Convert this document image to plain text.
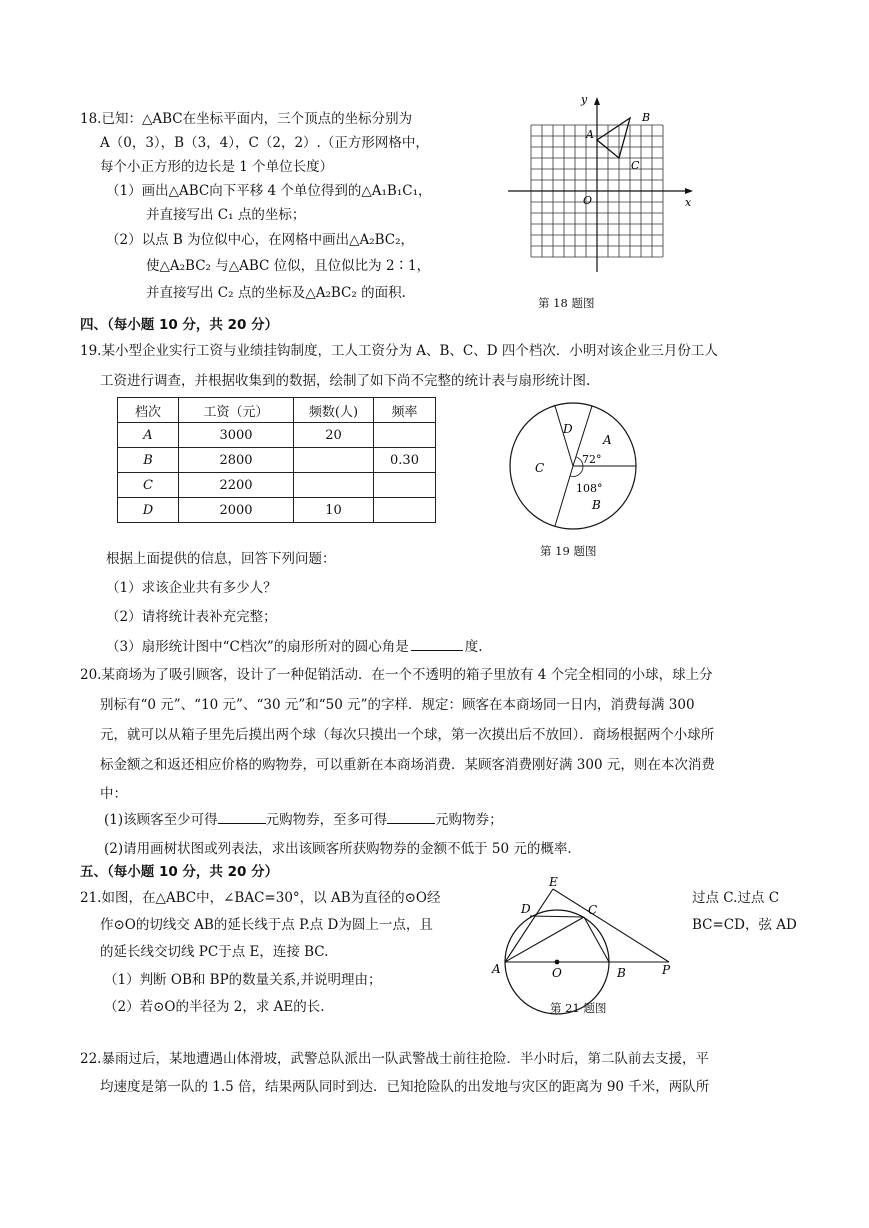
18.已知：△ABC在坐标平面内，三个顶点的坐标分别为
A（0，3），B（3，4），C（2，2）.（正方形网格中，
每个小正方形的边长是 1 个单位长度）
（1）画出△ABC向下平移 4 个单位得到的△A₁B₁C₁，
并直接写出 C₁ 点的坐标；
（2）以点 B 为位似中心，在网格中画出△A₂BC₂，
使△A₂BC₂ 与△ABC 位似，且位似比为 2∶1，
并直接写出 C₂ 点的坐标及△A₂BC₂ 的面积.
y
x
A
B
C
O
第 18 题图
四、（每小题 10 分，共 20 分）
19.某小型企业实行工资与业绩挂钩制度，工人工资分为 A、B、C、D 四个档次．小明对该企业三月份工人
工资进行调查，并根据收集到的数据，绘制了如下尚不完整的统计表与扇形统计图.
档次	工资（元）	频数(人)	频率
A	3000	20	
B	2800		0.30
C	2200		
D	2000	10	
D
A
C
B
72°
108°
第 19 题图
根据上面提供的信息，回答下列问题：
（1）求该企业共有多少人？
（2）请将统计表补充完整；
（3）扇形统计图中“C档次”的扇形所对的圆心角是	度.
20.某商场为了吸引顾客，设计了一种促销活动．在一个不透明的箱子里放有 4 个完全相同的小球，球上分
别标有“0 元”、“10 元”、“30 元”和“50 元”的字样．规定：顾客在本商场同一日内，消费每满 300
元，就可以从箱子里先后摸出两个球（每次只摸出一个球，第一次摸出后不放回）．商场根据两个小球所
标金额之和返还相应价格的购物券，可以重新在本商场消费．某顾客消费刚好满 300 元，则在本次消费
中：
(1)该顾客至少可得	元购物券，至多可得	元购物券；
(2)请用画树状图或列表法，求出该顾客所获购物券的金额不低于 50 元的概率.
五、（每小题 10 分，共 20 分）
21.如图，在△ABC中，∠BAC=30°，以 AB为直径的⊙O经	过点 C.过点 C
作⊙O的切线交 AB的延长线于点 P.点 D为圆上一点，且	BC=CD，弦 AD
的延长线交切线 PC于点 E，连接 BC.
（1）判断 OB和 BP的数量关系,并说明理由；
（2）若⊙O的半径为 2，求 AE的长.
E
D	C
A	O	B	P
第 21 题图
22.暴雨过后，某地遭遇山体滑坡，武警总队派出一队武警战士前往抢险．半小时后，第二队前去支援，平
均速度是第一队的 1.5 倍，结果两队同时到达．已知抢险队的出发地与灾区的距离为 90 千米，两队所
